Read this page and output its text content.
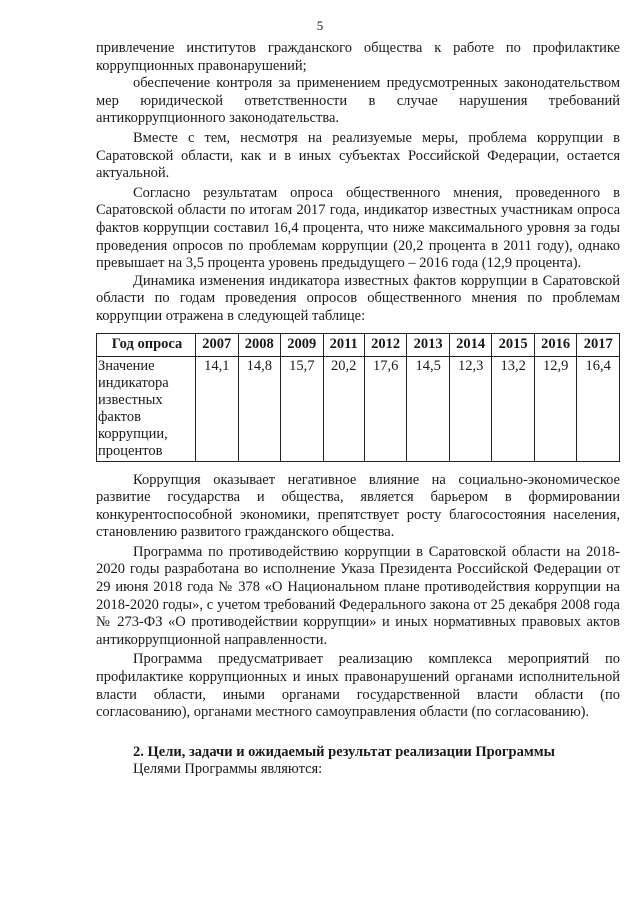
5

привлечение институтов гражданского общества к работе по профилактике коррупционных правонарушений;

обеспечение контроля за применением предусмотренных законодательством мер юридической ответственности в случае нарушения требований антикоррупционного законодательства.

Вместе с тем, несмотря на реализуемые меры, проблема коррупции в Саратовской области, как и в иных субъектах Российской Федерации, остается актуальной.

Согласно результатам опроса общественного мнения, проведенного в Саратовской области по итогам 2017 года, индикатор известных участникам опроса фактов коррупции составил 16,4 процента, что ниже максимального уровня за годы проведения опросов по проблемам коррупции (20,2 процента в 2011 году), однако превышает на 3,5 процента уровень предыдущего – 2016 года (12,9 процента).

Динамика изменения индикатора известных фактов коррупции в Саратовской области по годам проведения опросов общественного мнения по проблемам коррупции отражена в следующей таблице:

Год опроса	2007	2008	2009	2011	2012	2013	2014	2015	2016	2017
Значение индикатора известных фактов коррупции, процентов	14,1	14,8	15,7	20,2	17,6	14,5	12,3	13,2	12,9	16,4

Коррупция оказывает негативное влияние на социально-экономическое развитие государства и общества, является барьером в формировании конкурентоспособной экономики, препятствует росту благосостояния населения, становлению развитого гражданского общества.

Программа по противодействию коррупции в Саратовской области на 2018-2020 годы разработана во исполнение Указа Президента Российской Федерации от 29 июня 2018 года № 378 «О Национальном плане противодействия коррупции на 2018-2020 годы», с учетом требований Федерального закона от 25 декабря 2008 года № 273-ФЗ «О противодействии коррупции» и иных нормативных правовых актов антикоррупционной направленности.

Программа предусматривает реализацию комплекса мероприятий по профилактике коррупционных и иных правонарушений органами исполнительной власти области, иными органами государственной власти области (по согласованию), органами местного самоуправления области (по согласованию).

2. Цели, задачи и ожидаемый результат реализации Программы

Целями Программы являются:
